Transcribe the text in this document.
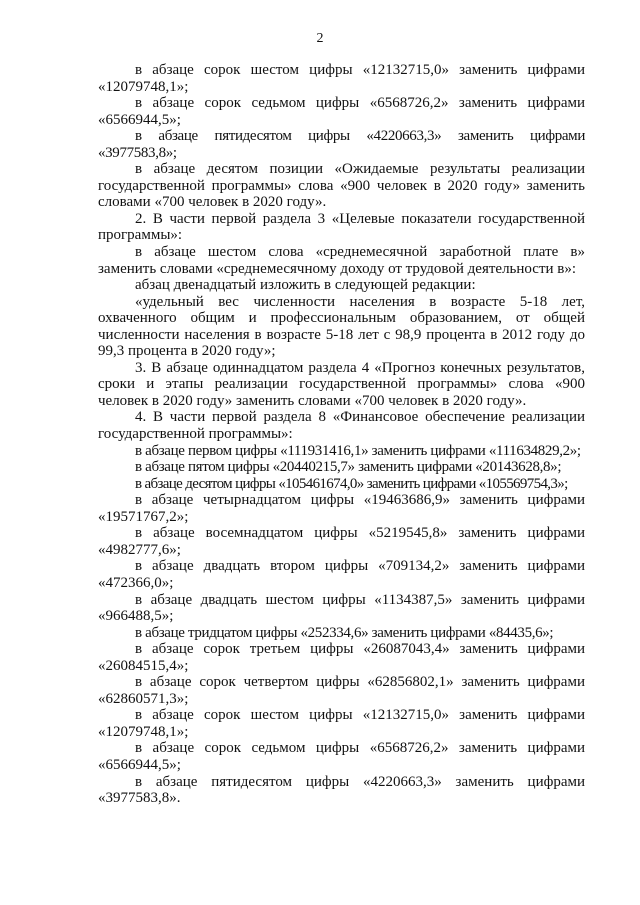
2

в абзаце сорок шестом цифры «12132715,0» заменить цифрами «12079748,1»;

в абзаце сорок седьмом цифры «6568726,2» заменить цифрами «6566944,5»;

в абзаце пятидесятом цифры «4220663,3» заменить цифрами «3977583,8»;

в абзаце десятом позиции «Ожидаемые результаты реализации государственной программы» слова «900 человек в 2020 году» заменить словами «700 человек в 2020 году».

2. В части первой раздела 3 «Целевые показатели государственной программы»:

в абзаце шестом слова «среднемесячной заработной плате в» заменить словами «среднемесячному доходу от трудовой деятельности в»:

абзац двенадцатый изложить в следующей редакции:

«удельный вес численности населения в возрасте 5-18 лет, охваченного общим и профессиональным образованием, от общей численности населения в возрасте 5-18 лет с 98,9 процента в 2012 году до 99,3 процента в 2020 году»;

3. В абзаце одиннадцатом раздела 4 «Прогноз конечных результатов, сроки и этапы реализации государственной программы» слова «900 человек в 2020 году» заменить словами «700 человек в 2020 году».

4. В части первой раздела 8 «Финансовое обеспечение реализации государственной программы»:

в абзаце первом цифры «111931416,1» заменить цифрами «111634829,2»;

в абзаце пятом цифры «20440215,7» заменить цифрами «20143628,8»;

в абзаце десятом цифры «105461674,0» заменить цифрами «105569754,3»;

в абзаце четырнадцатом цифры «19463686,9» заменить цифрами «19571767,2»;

в абзаце восемнадцатом цифры «5219545,8» заменить цифрами «4982777,6»;

в абзаце двадцать втором цифры «709134,2» заменить цифрами «472366,0»;

в абзаце двадцать шестом цифры «1134387,5» заменить цифрами «966488,5»;

в абзаце тридцатом цифры «252334,6» заменить цифрами «84435,6»;

в абзаце сорок третьем цифры «26087043,4» заменить цифрами «26084515,4»;

в абзаце сорок четвертом цифры «62856802,1» заменить цифрами «62860571,3»;

в абзаце сорок шестом цифры «12132715,0» заменить цифрами «12079748,1»;

в абзаце сорок седьмом цифры «6568726,2» заменить цифрами «6566944,5»;

в абзаце пятидесятом цифры «4220663,3» заменить цифрами «3977583,8».
